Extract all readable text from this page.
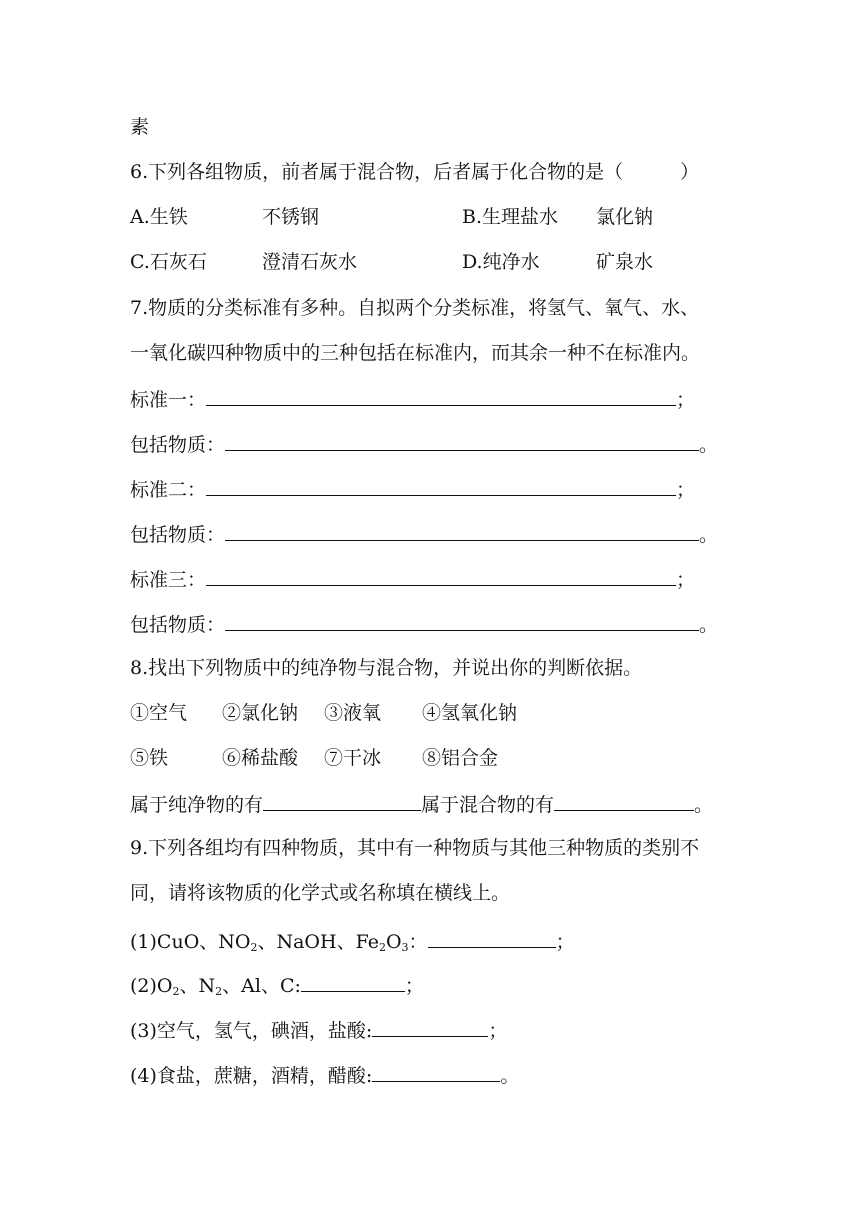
素
6.下列各组物质，前者属于混合物，后者属于化合物的是（　　　）
A.生铁	不锈钢	B.生理盐水 氯化钠
C.石灰石	澄清石灰水	D.纯净水	矿泉水
7.物质的分类标准有多种。自拟两个分类标准，将氢气、氧气、水、
一氧化碳四种物质中的三种包括在标准内，而其余一种不在标准内。
标准一：	；
包括物质：	。
标准二：	；
包括物质：	。
标准三：	；
包括物质：	。
8.找出下列物质中的纯净物与混合物，并说出你的判断依据。
①空气 ②氯化钠 ③液氧 ④氢氧化钠
⑤铁	⑥稀盐酸 ⑦干冰 ⑧铝合金
属于纯净物的有	属于混合物的有	。
9.下列各组均有四种物质，其中有一种物质与其他三种物质的类别不
同，请将该物质的化学式或名称填在横线上。
(1)CuO、$NO_2$、NaOH、$Fe_2O_3$：	；
$(2)O_2$、$N_2$、Al、C:	；
(3)空气，氢气，碘酒，盐酸:	；
(4)食盐，蔗糖，酒精，醋酸:	。
